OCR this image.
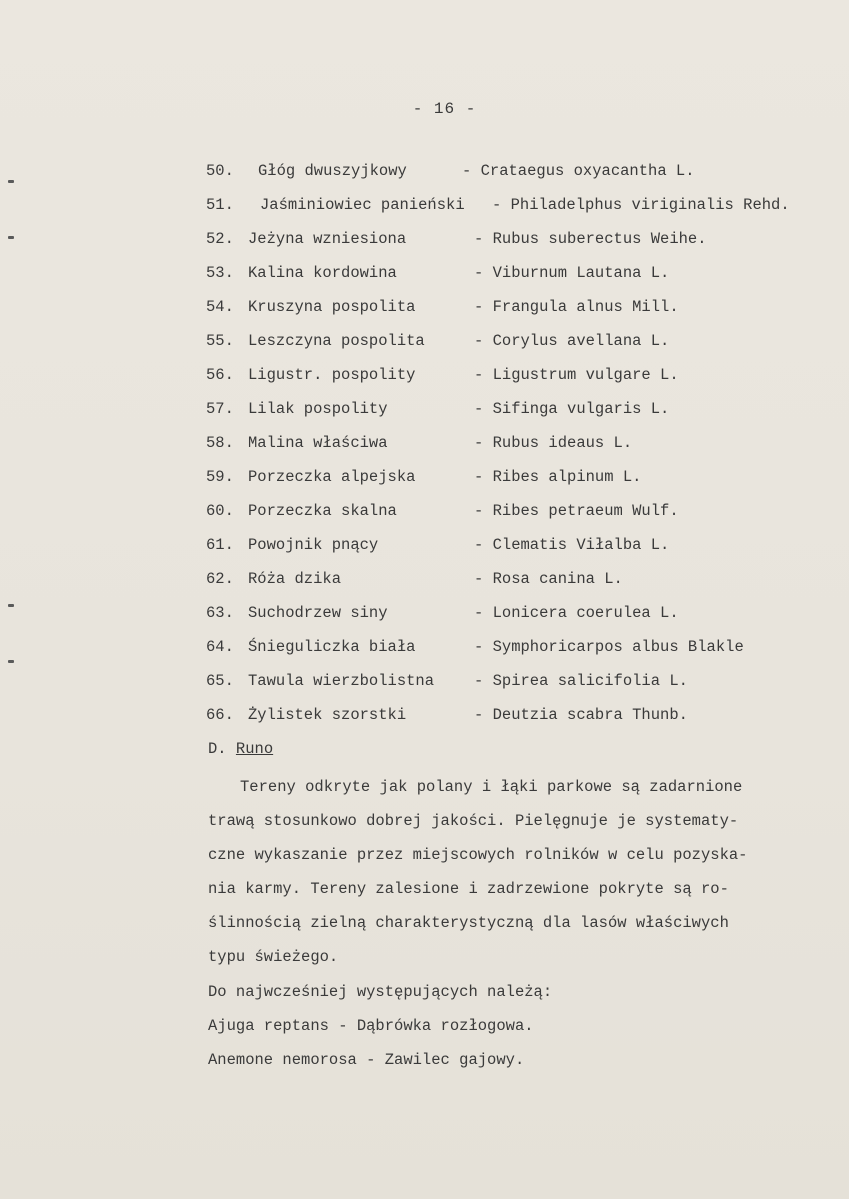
- 16 -
50. Głóg dwuszyjkowy	- Crataegus oxyacantha L.
51. Jaśminiowiec panieński - Philadelphus viriginalis Rehd.
52. Jeżyna wzniesiona	- Rubus suberectus Weihe.
53. Kalina kordowina	- Viburnum Lautana L.
54. Kruszyna pospolita	- Frangula alnus Mill.
55. Leszczyna pospolita	- Corylus avellana L.
56. Ligustr. pospolity	- Ligustrum vulgare L.
57. Lilak pospolity	- Sifinga vulgaris L.
58. Malina właściwa	- Rubus ideaus L.
59. Porzeczka alpejska	- Ribes alpinum L.
60. Porzeczka skalna	- Ribes petraeum Wulf.
61. Powojnik pnący	- Clematis Viłalba L.
62. Róża dzika	- Rosa canina L.
63. Suchodrzew siny	- Lonicera coerulea L.
64. Śnieguliczka biała	- Symphoricarpos albus Blakle
65. Tawula wierzbolistna	- Spirea salicifolia L.
66. Żylistek szorstki	- Deutzia scabra Thunb.
D. Runo
Tereny odkryte jak polany i łąki parkowe są zadarnione
trawą stosunkowo dobrej jakości. Pielęgnuje je systematy-
czne wykaszanie przez miejscowych rolników w celu pozyska-
nia karmy. Tereny zalesione i zadrzewione pokryte są ro-
ślinnością zielną charakterystyczną dla lasów właściwych
typu świeżego.
Do najwcześniej występujących należą:
Ajuga reptans - Dąbrówka rozłogowa.
Anemone nemorosa - Zawilec gajowy.
